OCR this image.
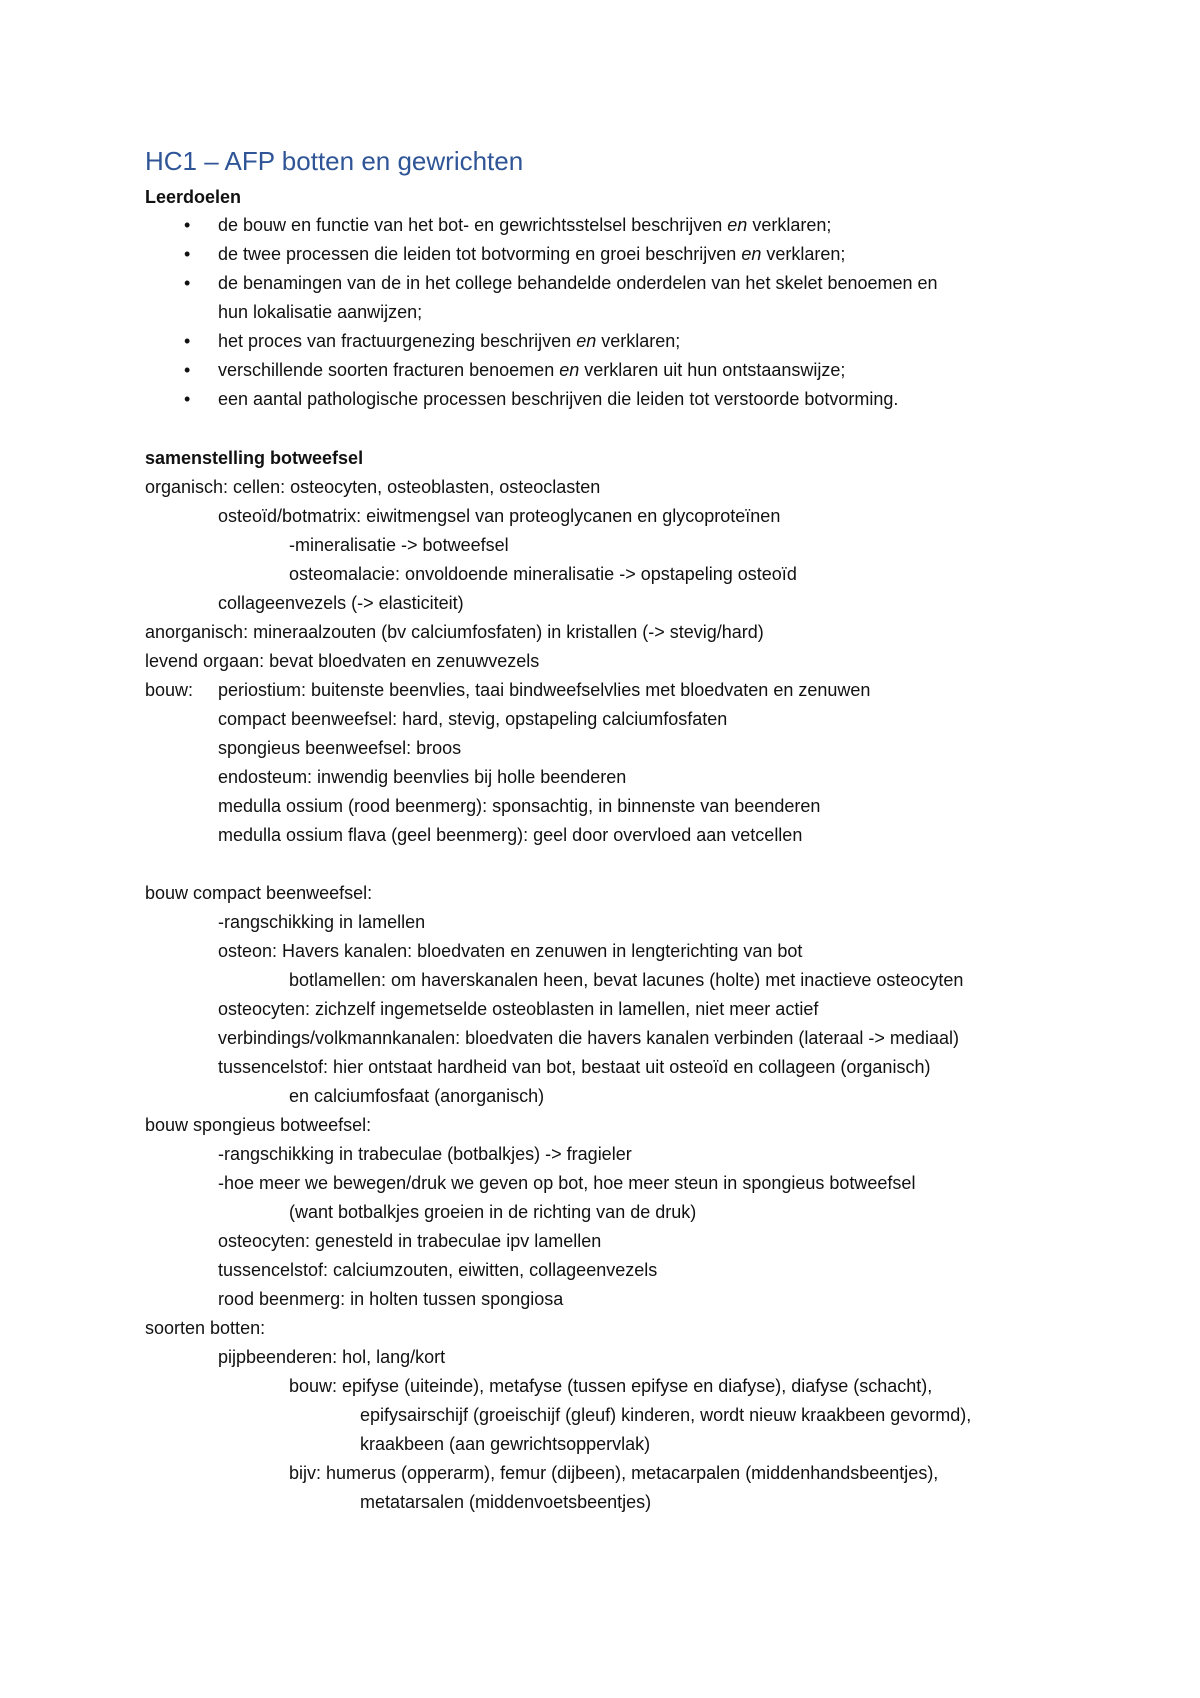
HC1 – AFP botten en gewrichten
Leerdoelen
• de bouw en functie van het bot- en gewrichtsstelsel beschrijven en verklaren;
• de twee processen die leiden tot botvorming en groei beschrijven en verklaren;
• de benamingen van de in het college behandelde onderdelen van het skelet benoemen en
hun lokalisatie aanwijzen;
• het proces van fractuurgenezing beschrijven en verklaren;
• verschillende soorten fracturen benoemen en verklaren uit hun ontstaanswijze;
• een aantal pathologische processen beschrijven die leiden tot verstoorde botvorming.
samenstelling botweefsel
organisch: cellen: osteocyten, osteoblasten, osteoclasten
osteoïd/botmatrix: eiwitmengsel van proteoglycanen en glycoproteïnen
-mineralisatie -> botweefsel
osteomalacie: onvoldoende mineralisatie -> opstapeling osteoïd
collageenvezels (-> elasticiteit)
anorganisch: mineraalzouten (bv calciumfosfaten) in kristallen (-> stevig/hard)
levend orgaan: bevat bloedvaten en zenuwvezels
bouw: periostium: buitenste beenvlies, taai bindweefselvlies met bloedvaten en zenuwen
compact beenweefsel: hard, stevig, opstapeling calciumfosfaten
spongieus beenweefsel: broos
endosteum: inwendig beenvlies bij holle beenderen
medulla ossium (rood beenmerg): sponsachtig, in binnenste van beenderen
medulla ossium flava (geel beenmerg): geel door overvloed aan vetcellen
bouw compact beenweefsel:
-rangschikking in lamellen
osteon: Havers kanalen: bloedvaten en zenuwen in lengterichting van bot
botlamellen: om haverskanalen heen, bevat lacunes (holte) met inactieve osteocyten
osteocyten: zichzelf ingemetselde osteoblasten in lamellen, niet meer actief
verbindings/volkmannkanalen: bloedvaten die havers kanalen verbinden (lateraal -> mediaal)
tussencelstof: hier ontstaat hardheid van bot, bestaat uit osteoïd en collageen (organisch)
en calciumfosfaat (anorganisch)
bouw spongieus botweefsel:
-rangschikking in trabeculae (botbalkjes) -> fragieler
-hoe meer we bewegen/druk we geven op bot, hoe meer steun in spongieus botweefsel
(want botbalkjes groeien in de richting van de druk)
osteocyten: genesteld in trabeculae ipv lamellen
tussencelstof: calciumzouten, eiwitten, collageenvezels
rood beenmerg: in holten tussen spongiosa
soorten botten:
pijpbeenderen: hol, lang/kort
bouw: epifyse (uiteinde), metafyse (tussen epifyse en diafyse), diafyse (schacht),
epifysairschijf (groeischijf (gleuf) kinderen, wordt nieuw kraakbeen gevormd),
kraakbeen (aan gewrichtsoppervlak)
bijv: humerus (opperarm), femur (dijbeen), metacarpalen (middenhandsbeentjes),
metatarsalen (middenvoetsbeentjes)
